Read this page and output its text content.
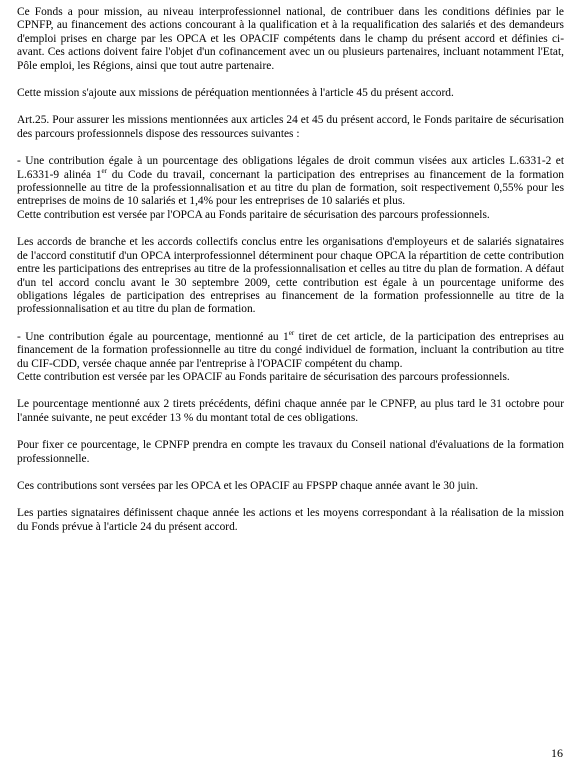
Ce Fonds a pour mission, au niveau interprofessionnel national, de contribuer dans les conditions définies par le CPNFP, au financement des actions concourant à la qualification et à la requalification des salariés et des demandeurs d'emploi prises en charge par les OPCA et les OPACIF compétents dans le champ du présent accord et définies ci-avant. Ces actions doivent faire l'objet d'un cofinancement avec un ou plusieurs partenaires, incluant notamment l'Etat, Pôle emploi, les Régions, ainsi que tout autre partenaire.

Cette mission s'ajoute aux missions de péréquation mentionnées à l'article 45 du présent accord.

Art.25. Pour assurer les missions mentionnées aux articles 24 et 45 du présent accord, le Fonds paritaire de sécurisation des parcours professionnels dispose des ressources suivantes :

- Une contribution égale à un pourcentage des obligations légales de droit commun visées aux articles L.6331-2 et L.6331-9 alinéa 1er du Code du travail, concernant la participation des entreprises au financement de la formation professionnelle au titre de la professionnalisation et au titre du plan de formation, soit respectivement 0,55% pour les entreprises de moins de 10 salariés et 1,4% pour les entreprises de 10 salariés et plus.

Cette contribution est versée par l'OPCA au Fonds paritaire de sécurisation des parcours professionnels.

Les accords de branche et les accords collectifs conclus entre les organisations d'employeurs et de salariés signataires de l'accord constitutif d'un OPCA interprofessionnel déterminent pour chaque OPCA la répartition de cette contribution entre les participations des entreprises au titre de la professionnalisation et celles au titre du plan de formation. A défaut d'un tel accord conclu avant le 30 septembre 2009, cette contribution est égale à un pourcentage uniforme des obligations légales de participation des entreprises au financement de la formation professionnelle au titre de la professionnalisation et au titre du plan de formation.

- Une contribution égale au pourcentage, mentionné au 1er tiret de cet article, de la participation des entreprises au financement de la formation professionnelle au titre du congé individuel de formation, incluant la contribution au titre du CIF-CDD, versée chaque année par l'entreprise à l'OPACIF compétent du champ.

Cette contribution est versée par les OPACIF au Fonds paritaire de sécurisation des parcours professionnels.

Le pourcentage mentionné aux 2 tirets précédents, défini chaque année par le CPNFP, au plus tard le 31 octobre pour l'année suivante, ne peut excéder 13 % du montant total de ces obligations.

Pour fixer ce pourcentage, le CPNFP prendra en compte les travaux du Conseil national d'évaluations de la formation professionnelle.

Ces contributions sont versées par les OPCA et les OPACIF au FPSPP chaque année avant le 30 juin.

Les parties signataires définissent chaque année les actions et les moyens correspondant à la réalisation de la mission du Fonds prévue à l'article 24 du présent accord.

16
